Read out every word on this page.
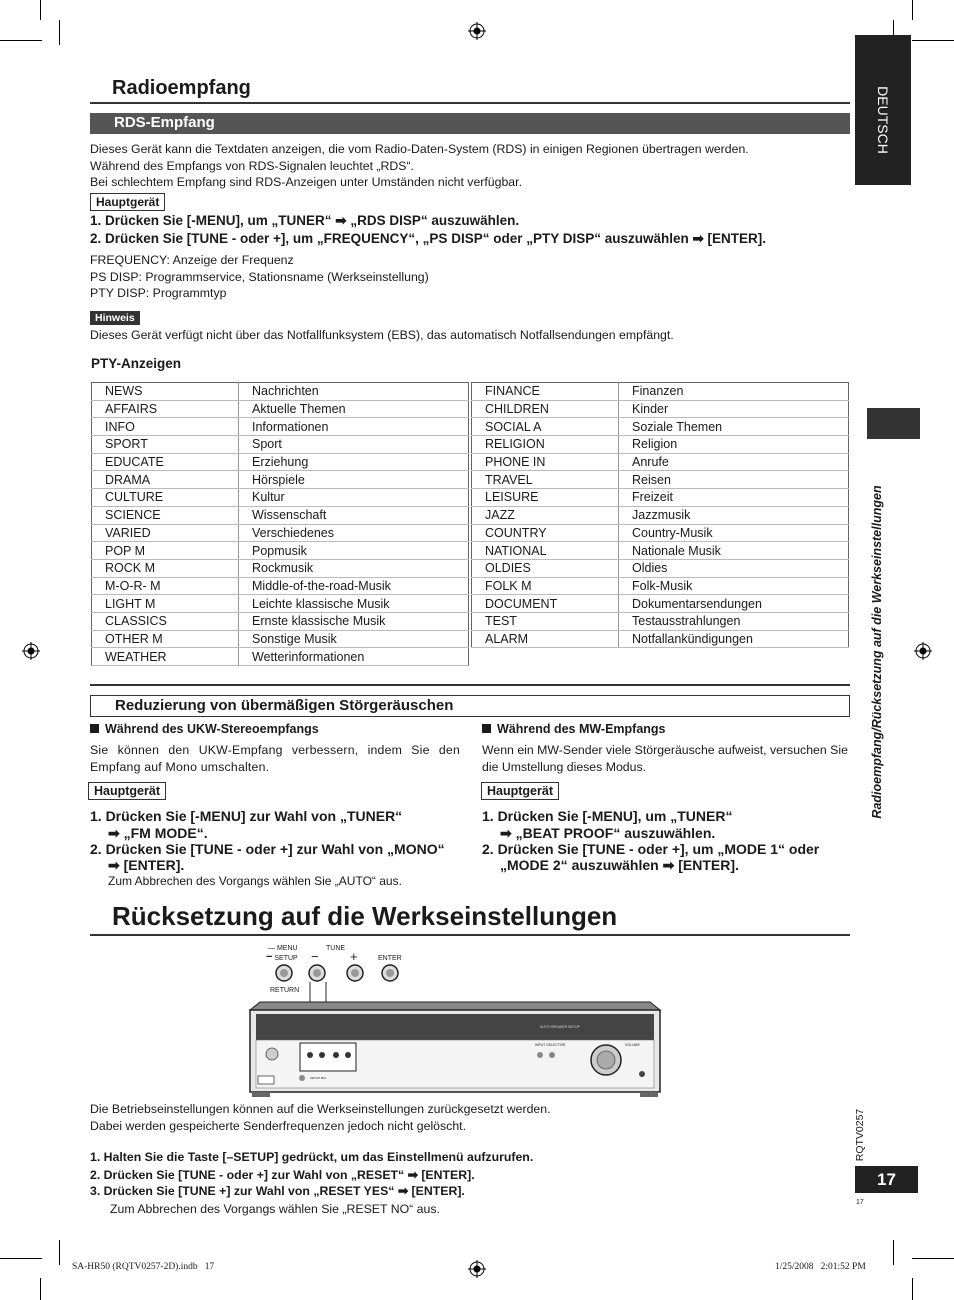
Radioempfang
RDS-Empfang

Dieses Gerät kann die Textdaten anzeigen, die vom Radio-Daten-System (RDS) in einigen Regionen übertragen werden.

Während des Empfangs von RDS-Signalen leuchtet „RDS“.

Bei schlechtem Empfang sind RDS-Anzeigen unter Umständen nicht verfügbar.

Hauptgerät
1. Drücken Sie [-MENU], um „TUNER“ ➡ „RDS DISP“ auszuwählen.
2. Drücken Sie [TUNE - oder +], um „FREQUENCY“, „PS DISP“ oder „PTY DISP“ auszuwählen ➡ [ENTER].

FREQUENCY: Anzeige der Frequenz

PS DISP: Programmservice, Stationsname (Werkseinstellung)

PTY DISP: Programmtyp

Hinweis

Dieses Gerät verfügt nicht über das Notfallfunksystem (EBS), das automatisch Notfallsendungen empfängt.

PTY-Anzeigen
NEWS	Nachrichten
AFFAIRS	Aktuelle Themen
INFO	Informationen
SPORT	Sport
EDUCATE	Erziehung
DRAMA	Hörspiele
CULTURE	Kultur
SCIENCE	Wissenschaft
VARIED	Verschiedenes
POP M	Popmusik
ROCK M	Rockmusik
M-O-R- M	Middle-of-the-road-Musik
LIGHT M	Leichte klassische Musik
CLASSICS	Ernste klassische Musik
OTHER M	Sonstige Musik
WEATHER	Wetterinformationen
FINANCE	Finanzen
CHILDREN	Kinder
SOCIAL A	Soziale Themen
RELIGION	Religion
PHONE IN	Anrufe
TRAVEL	Reisen
LEISURE	Freizeit
JAZZ	Jazzmusik
COUNTRY	Country-Musik
NATIONAL	Nationale Musik
OLDIES	Oldies
FOLK M	Folk-Musik
DOCUMENT	Dokumentarsendungen
TEST	Testausstrahlungen
ALARM	Notfallankündigungen
Reduzierung von übermäßigen Störgeräuschen
Während des UKW-Stereoempfangs

Sie können den UKW-Empfang verbessern, indem Sie den Empfang auf Mono umschalten.

Hauptgerät
1. Drücken Sie [-MENU] zur Wahl von „TUNER“
➡ „FM MODE“.
2. Drücken Sie [TUNE - oder +] zur Wahl von „MONO“
➡ [ENTER].

Zum Abbrechen des Vorgangs wählen Sie „AUTO“ aus.

Während des MW-Empfangs

Wenn ein MW-Sender viele Störgeräusche aufweist, versuchen Sie die Umstellung dieses Modus.

Hauptgerät
1. Drücken Sie [-MENU], um „TUNER“
➡ „BEAT PROOF“ auszuwählen.
2. Drücken Sie [TUNE - oder +], um „MODE 1“ oder
„MODE 2“ auszuwählen ➡ [ENTER].
Rücksetzung auf die Werkseinstellungen
— MENU
− SETUP
TUNE
− +	ENTER
RETURN
AUTO SPEAKER SETUP
INPUT SELECTOR	VOLUME
SETUP MIC

Die Betriebseinstellungen können auf die Werkseinstellungen zurückgesetzt werden.

Dabei werden gespeicherte Senderfrequenzen jedoch nicht gelöscht.

1. Halten Sie die Taste [–SETUP] gedrückt, um das Einstellmenü aufzurufen.
2. Drücken Sie [TUNE - oder +] zur Wahl von „RESET“ ➡ [ENTER].
3. Drücken Sie [TUNE +] zur Wahl von „RESET YES“ ➡ [ENTER].

Zum Abbrechen des Vorgangs wählen Sie „RESET NO“ aus.

DEUTSCH
Radioempfang/Rücksetzung auf die Werkseinstellungen
RQTV0257
17
17
SA-HR50 (RQTV0257-2D).indb   17	1/25/2008   2:01:52 PM
